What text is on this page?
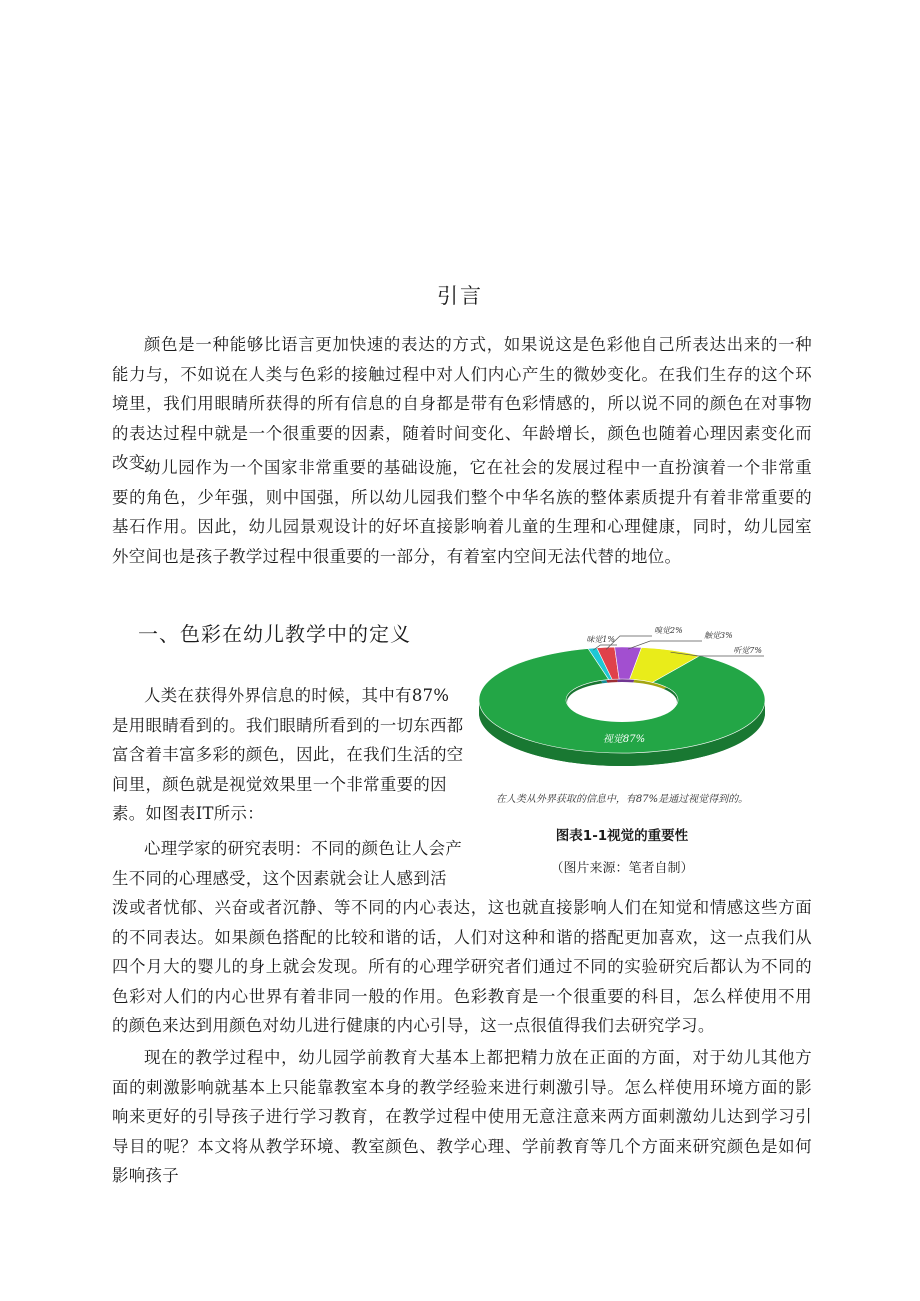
引言

颜色是一种能够比语言更加快速的表达的方式，如果说这是色彩他自己所表达出来的一种能力与，不如说在人类与色彩的接触过程中对人们内心产生的微妙变化。在我们生存的这个环境里，我们用眼睛所获得的所有信息的自身都是带有色彩情感的，所以说不同的颜色在对事物的表达过程中就是一个很重要的因素，随着时间变化、年龄增长，颜色也随着心理因素变化而改变。

幼儿园作为一个国家非常重要的基础设施，它在社会的发展过程中一直扮演着一个非常重要的角色，少年强，则中国强，所以幼儿园我们整个中华名族的整体素质提升有着非常重要的基石作用。因此，幼儿园景观设计的好坏直接影响着儿童的生理和心理健康，同时，幼儿园室外空间也是孩子教学过程中很重要的一部分，有着室内空间无法代替的地位。

一、色彩在幼儿教学中的定义

人类在获得外界信息的时候，其中有87%是用眼睛看到的。我们眼睛所看到的一切东西都富含着丰富多彩的颜色，因此，在我们生活的空间里，颜色就是视觉效果里一个非常重要的因素。如图表IT所示：

心理学家的研究表明：不同的颜色让人会产生不同的心理感受，这个因素就会让人感到活

味觉1%
嗅觉2%
触觉3%
听觉7%
视觉87%
在人类从外界获取的信息中，有87%是通过视觉得到的。
图表1-1视觉的重要性
（图片来源：笔者自制）

泼或者忧郁、兴奋或者沉静、等不同的内心表达，这也就直接影响人们在知觉和情感这些方面的不同表达。如果颜色搭配的比较和谐的话，人们对这种和谐的搭配更加喜欢，这一点我们从四个月大的婴儿的身上就会发现。所有的心理学研究者们通过不同的实验研究后都认为不同的色彩对人们的内心世界有着非同一般的作用。色彩教育是一个很重要的科目，怎么样使用不用的颜色来达到用颜色对幼儿进行健康的内心引导，这一点很值得我们去研究学习。

现在的教学过程中，幼儿园学前教育大基本上都把精力放在正面的方面，对于幼儿其他方面的刺激影响就基本上只能靠教室本身的教学经验来进行刺激引导。怎么样使用环境方面的影响来更好的引导孩子进行学习教育，在教学过程中使用无意注意来两方面刺激幼儿达到学习引导目的呢？本文将从教学环境、教室颜色、教学心理、学前教育等几个方面来研究颜色是如何影响孩子
